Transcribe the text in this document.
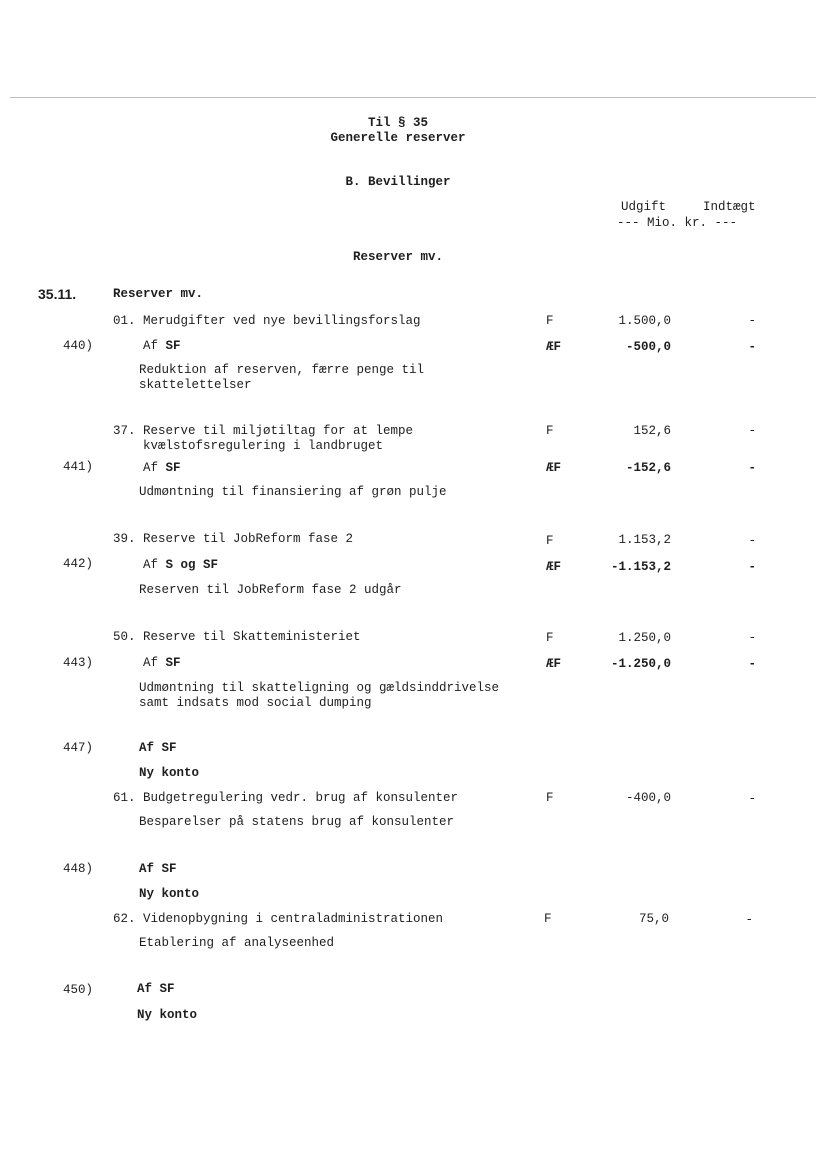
Til § 35
Generelle reserver
B. Bevillinger
Udgift	Indtægt
--- Mio. kr. ---
Reserver mv.
35.11.	Reserver mv.
01. Merudgifter ved nye bevillingsforslag	F	1.500,0	-
440)	Af SF	ÆF	-500,0	-
Reduktion af reserven, færre penge til
skattelettelser
37. Reserve til miljøtiltag for at lempe
kvælstofsregulering i landbruget
F	152,6	-
441)	Af SF	ÆF	-152,6	-
Udmøntning til finansiering af grøn pulje
39. Reserve til JobReform fase 2	F	1.153,2	-
442)	Af S og SF	ÆF	-1.153,2	-
Reserven til JobReform fase 2 udgår
50. Reserve til Skatteministeriet	F	1.250,0	-
443)	Af SF	ÆF	-1.250,0	-
Udmøntning til skatteligning og gældsinddrivelse
samt indsats mod social dumping
447)	Af SF
Ny konto
61. Budgetregulering vedr. brug af konsulenter	F	-400,0	-
Besparelser på statens brug af konsulenter
448)	Af SF
Ny konto
62. Videnopbygning i centraladministrationen	F	75,0	-
Etablering af analyseenhed
450)	Af SF
Ny konto
